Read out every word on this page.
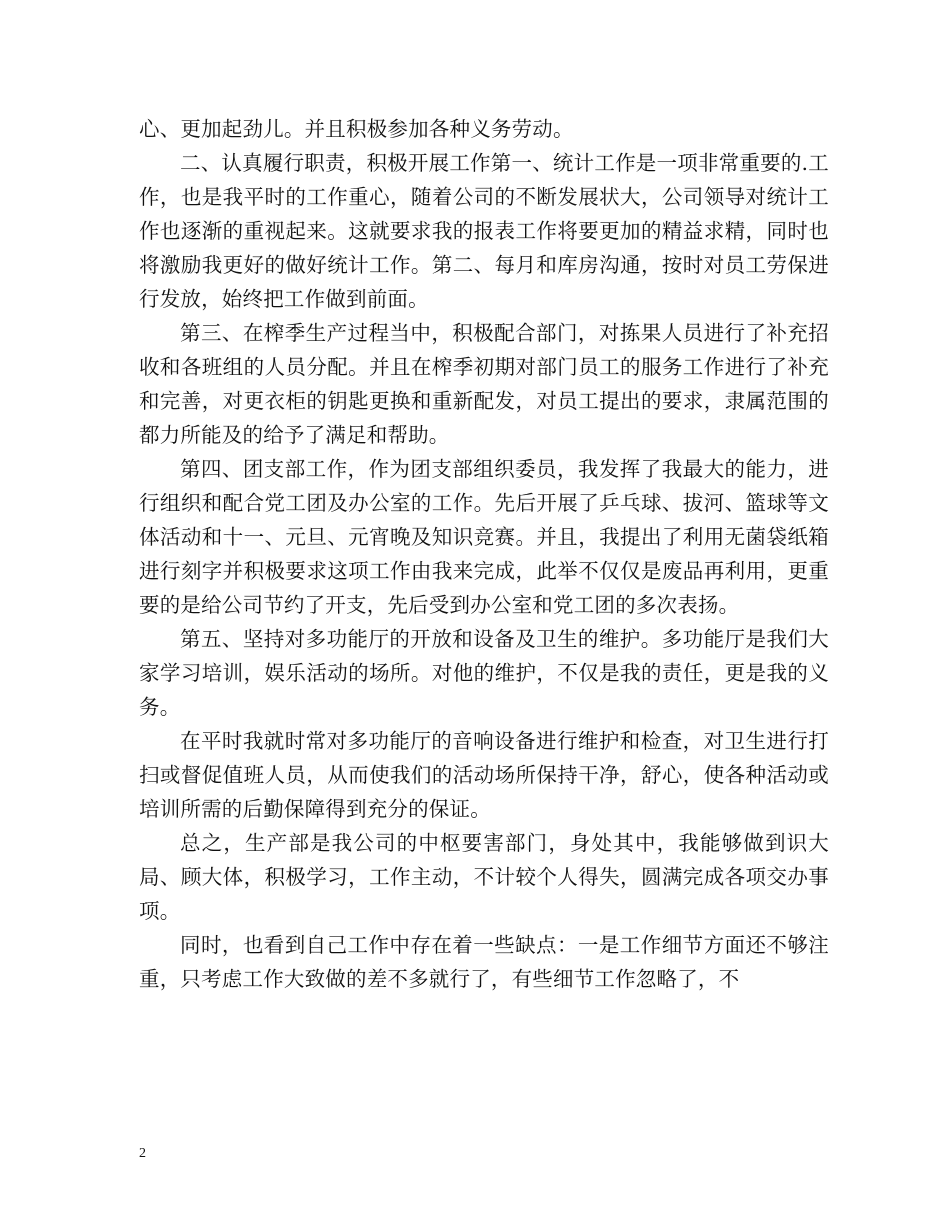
心、更加起劲儿。并且积极参加各种义务劳动。

二、认真履行职责，积极开展工作第一、统计工作是一项非常重要的.工作，也是我平时的工作重心，随着公司的不断发展状大，公司领导对统计工作也逐渐的重视起来。这就要求我的报表工作将要更加的精益求精，同时也将激励我更好的做好统计工作。第二、每月和库房沟通，按时对员工劳保进行发放，始终把工作做到前面。

第三、在榨季生产过程当中，积极配合部门，对拣果人员进行了补充招收和各班组的人员分配。并且在榨季初期对部门员工的服务工作进行了补充和完善，对更衣柜的钥匙更换和重新配发，对员工提出的要求，隶属范围的都力所能及的给予了满足和帮助。

第四、团支部工作，作为团支部组织委员，我发挥了我最大的能力，进行组织和配合党工团及办公室的工作。先后开展了乒乓球、拔河、篮球等文体活动和十一、元旦、元宵晚及知识竞赛。并且，我提出了利用无菌袋纸箱进行刻字并积极要求这项工作由我来完成，此举不仅仅是废品再利用，更重要的是给公司节约了开支，先后受到办公室和党工团的多次表扬。

第五、坚持对多功能厅的开放和设备及卫生的维护。多功能厅是我们大家学习培训，娱乐活动的场所。对他的维护，不仅是我的责任，更是我的义务。

在平时我就时常对多功能厅的音响设备进行维护和检查，对卫生进行打扫或督促值班人员，从而使我们的活动场所保持干净，舒心，使各种活动或培训所需的后勤保障得到充分的保证。

总之，生产部是我公司的中枢要害部门，身处其中，我能够做到识大局、顾大体，积极学习，工作主动，不计较个人得失，圆满完成各项交办事项。

同时，也看到自己工作中存在着一些缺点：一是工作细节方面还不够注重，只考虑工作大致做的差不多就行了，有些细节工作忽略了，不

2
